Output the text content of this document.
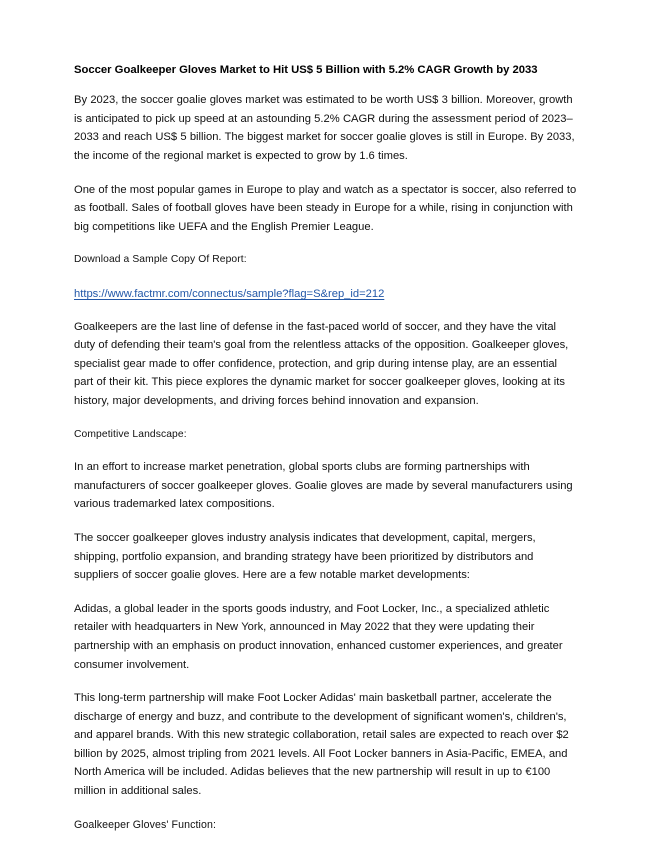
Soccer Goalkeeper Gloves Market to Hit US$ 5 Billion with 5.2% CAGR Growth by 2033

By 2023, the soccer goalie gloves market was estimated to be worth US$ 3 billion. Moreover, growth is anticipated to pick up speed at an astounding 5.2% CAGR during the assessment period of 2023–2033 and reach US$ 5 billion. The biggest market for soccer goalie gloves is still in Europe. By 2033, the income of the regional market is expected to grow by 1.6 times.

One of the most popular games in Europe to play and watch as a spectator is soccer, also referred to as football. Sales of football gloves have been steady in Europe for a while, rising in conjunction with big competitions like UEFA and the English Premier League.

Download a Sample Copy Of Report:

https://www.factmr.com/connectus/sample?flag=S&rep_id=212

Goalkeepers are the last line of defense in the fast-paced world of soccer, and they have the vital duty of defending their team's goal from the relentless attacks of the opposition. Goalkeeper gloves, specialist gear made to offer confidence, protection, and grip during intense play, are an essential part of their kit. This piece explores the dynamic market for soccer goalkeeper gloves, looking at its history, major developments, and driving forces behind innovation and expansion.

Competitive Landscape:

In an effort to increase market penetration, global sports clubs are forming partnerships with manufacturers of soccer goalkeeper gloves. Goalie gloves are made by several manufacturers using various trademarked latex compositions.

The soccer goalkeeper gloves industry analysis indicates that development, capital, mergers, shipping, portfolio expansion, and branding strategy have been prioritized by distributors and suppliers of soccer goalie gloves. Here are a few notable market developments:

Adidas, a global leader in the sports goods industry, and Foot Locker, Inc., a specialized athletic retailer with headquarters in New York, announced in May 2022 that they were updating their partnership with an emphasis on product innovation, enhanced customer experiences, and greater consumer involvement.

This long-term partnership will make Foot Locker Adidas' main basketball partner, accelerate the discharge of energy and buzz, and contribute to the development of significant women's, children's, and apparel brands. With this new strategic collaboration, retail sales are expected to reach over $2 billion by 2025, almost tripling from 2021 levels. All Foot Locker banners in Asia-Pacific, EMEA, and North America will be included. Adidas believes that the new partnership will result in up to €100 million in additional sales.

Goalkeeper Gloves' Function:
